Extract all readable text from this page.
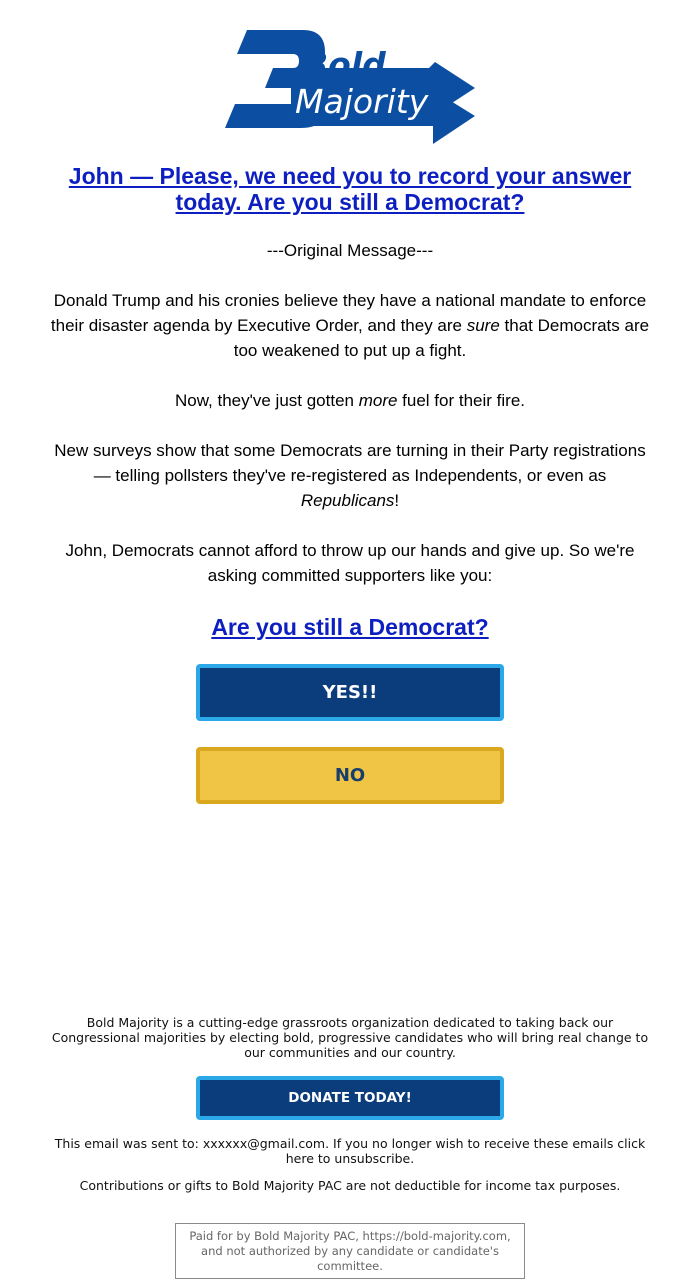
Bold
Majority
John — Please, we need you to record your answer today. Are you still a Democrat?
---Original Message---
Donald Trump and his cronies believe they have a national mandate to enforce their disaster agenda by Executive Order, and they are sure that Democrats are too weakened to put up a fight.
Now, they've just gotten more fuel for their fire.
New surveys show that some Democrats are turning in their Party registrations — telling pollsters they've re-registered as Independents, or even as Republicans!
John, Democrats cannot afford to throw up our hands and give up. So we're asking committed supporters like you:
Are you still a Democrat?
YES!!
NO
Bold Majority is a cutting-edge grassroots organization dedicated to taking back our Congressional majorities by electing bold, progressive candidates who will bring real change to our communities and our country.
DONATE TODAY!
This email was sent to: xxxxxx@gmail.com. If you no longer wish to receive these emails click here to unsubscribe.
Contributions or gifts to Bold Majority PAC are not deductible for income tax purposes.
Paid for by Bold Majority PAC, https://bold-majority.com, and not authorized by any candidate or candidate's committee.
